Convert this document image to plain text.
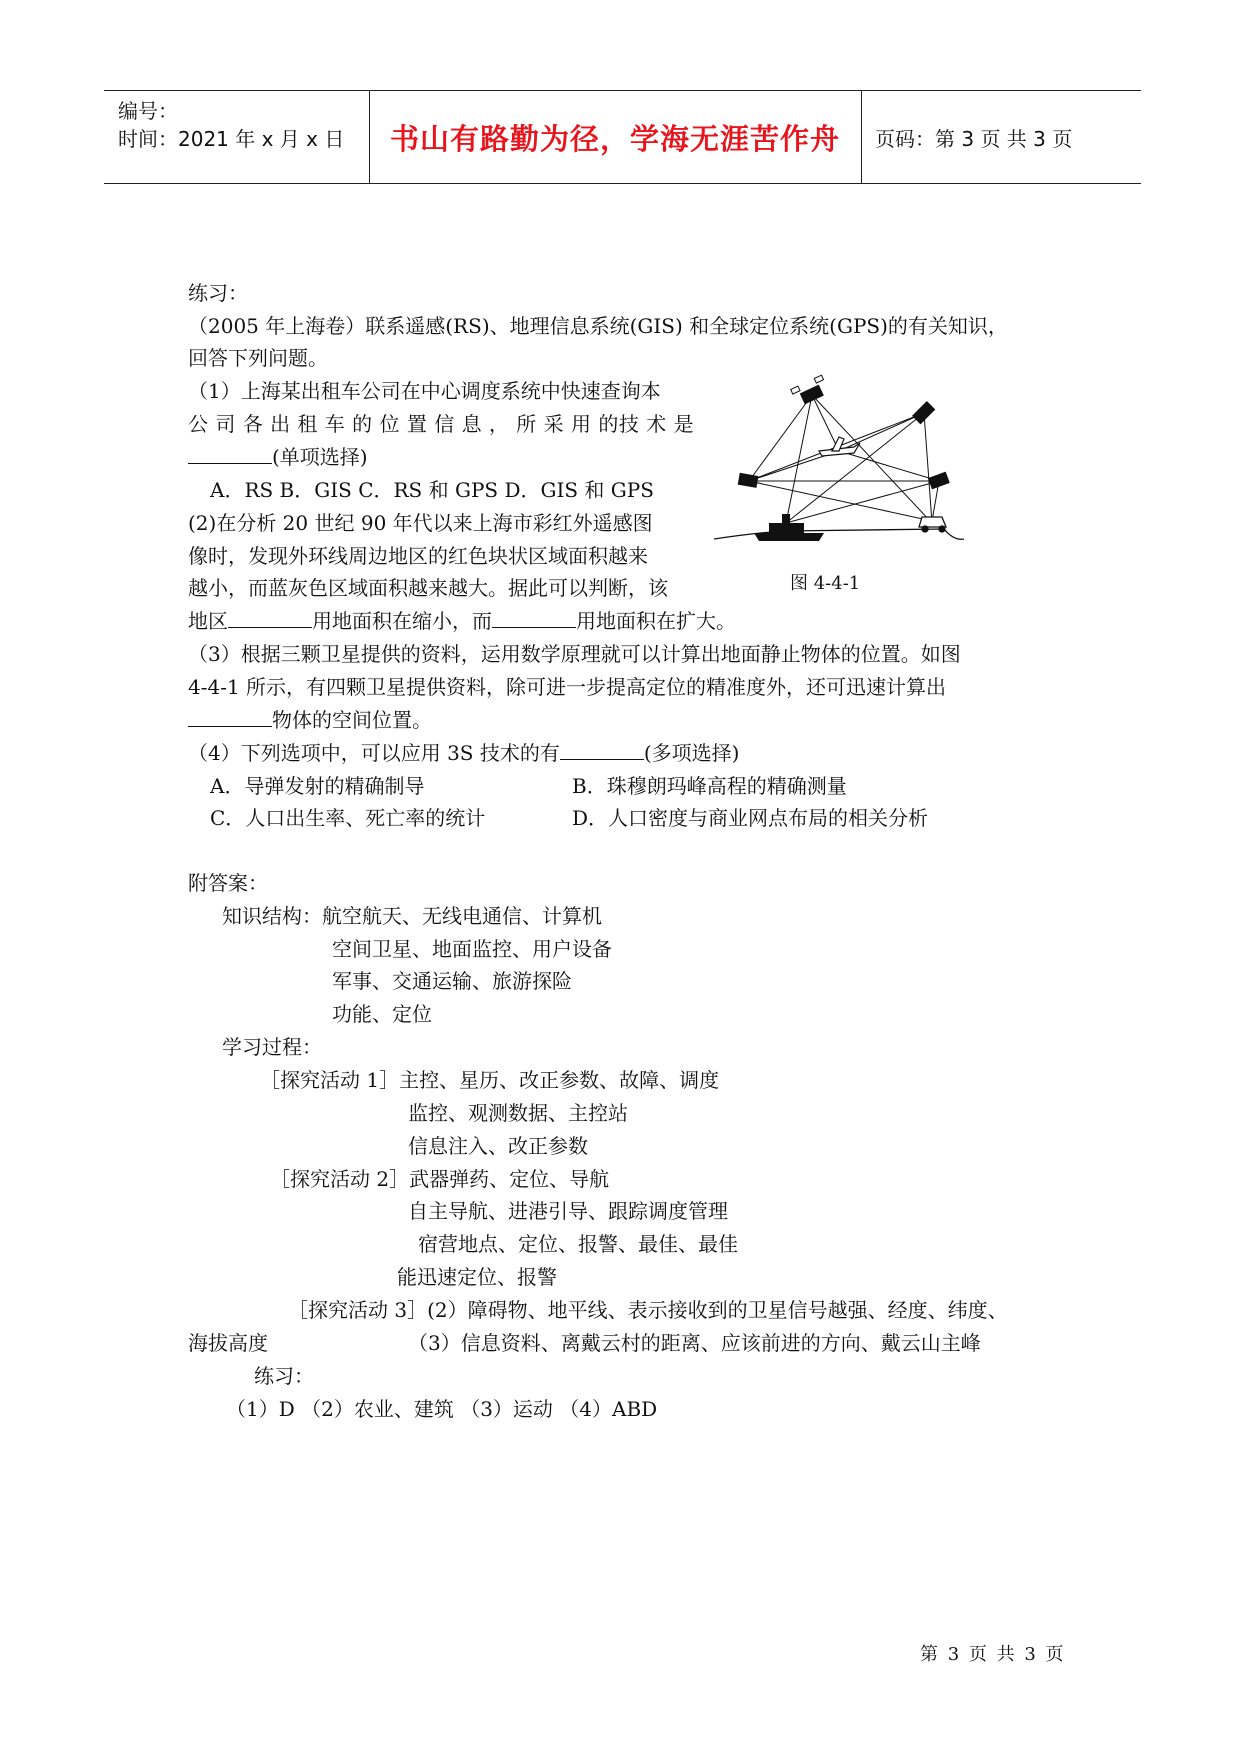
编号：
时间：2021 年 x 月 x 日	书山有路勤为径，学海无涯苦作舟	页码：第 3 页 共 3 页
练习：
（2005 年上海卷）联系遥感(RS)、地理信息系统(GIS) 和全球定位系统(GPS)的有关知识，
回答下列问题。
（1）上海某出租车公司在中心调度系统中快速查询本
公 司 各 出 租 车 的 位 置 信 息 ， 所 采 用 的技 术 是
(单项选择)
A．RS B．GIS C．RS 和 GPS D．GIS 和 GPS
(2)在分析 20 世纪 90 年代以来上海市彩红外遥感图
像时，发现外环线周边地区的红色块状区域面积越来
越小，而蓝灰色区域面积越来越大。据此可以判断，该
地区	用地面积在缩小，而	用地面积在扩大。
（3）根据三颗卫星提供的资料，运用数学原理就可以计算出地面静止物体的位置。如图
4-4-1 所示，有四颗卫星提供资料，除可进一步提高定位的精准度外，还可迅速计算出
物体的空间位置。
（4）下列选项中，可以应用 3S 技术的有	(多项选择)
A．导弹发射的精确制导	B．珠穆朗玛峰高程的精确测量
C．人口出生率、死亡率的统计	D．人口密度与商业网点布局的相关分析
图 4-4-1
附答案：
知识结构：航空航天、无线电通信、计算机
空间卫星、地面监控、用户设备
军事、交通运输、旅游探险
功能、定位
学习过程：
［探究活动 1］主控、星历、改正参数、故障、调度
监控、观测数据、主控站
信息注入、改正参数
［探究活动 2］武器弹药、定位、导航
自主导航、进港引导、跟踪调度管理
宿营地点、定位、报警、最佳、最佳
能迅速定位、报警
［探究活动 3］(2）障碍物、地平线、表示接收到的卫星信号越强、经度、纬度、
海拔高度	（3）信息资料、离戴云村的距离、应该前进的方向、戴云山主峰
练习：
（1）D （2）农业、建筑 （3）运动 （4）ABD
第 3 页 共 3 页
